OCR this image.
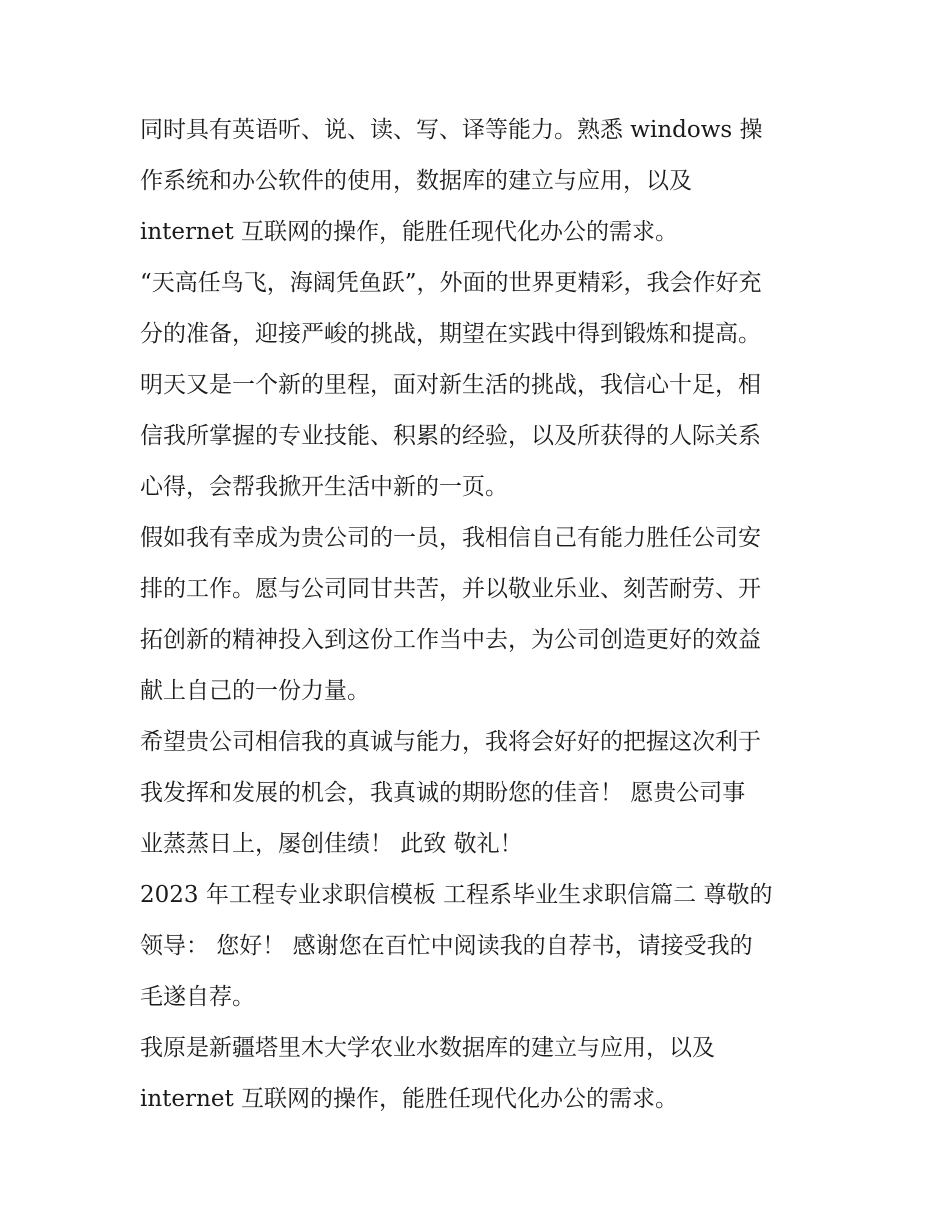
同时具有英语听、说、读、写、译等能力。熟悉 windows 操
作系统和办公软件的使用，数据库的建立与应用，以及
internet 互联网的操作，能胜任现代化办公的需求。
“天高任鸟飞，海阔凭鱼跃”，外面的世界更精彩，我会作好充
分的准备，迎接严峻的挑战，期望在实践中得到锻炼和提高。
明天又是一个新的里程，面对新生活的挑战，我信心十足，相
信我所掌握的专业技能、积累的经验，以及所获得的人际关系
心得，会帮我掀开生活中新的一页。
假如我有幸成为贵公司的一员，我相信自己有能力胜任公司安
排的工作。愿与公司同甘共苦，并以敬业乐业、刻苦耐劳、开
拓创新的精神投入到这份工作当中去，为公司创造更好的效益
献上自己的一份力量。
希望贵公司相信我的真诚与能力，我将会好好的把握这次利于
我发挥和发展的机会，我真诚的期盼您的佳音！ 愿贵公司事
业蒸蒸日上，屡创佳绩！ 此致 敬礼！
2023 年工程专业求职信模板 工程系毕业生求职信篇二 尊敬的
领导： 您好！ 感谢您在百忙中阅读我的自荐书，请接受我的
毛遂自荐。
我原是新疆塔里木大学农业水数据库的建立与应用，以及
internet 互联网的操作，能胜任现代化办公的需求。
